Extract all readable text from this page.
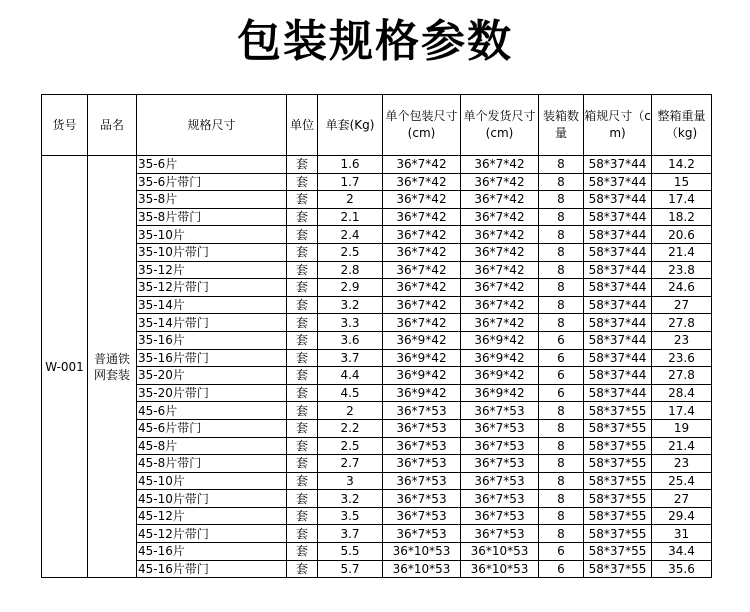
包装规格参数
货号	品名	规格尺寸	单位	单套(Kg)	单个包装尺寸(cm)	单个发货尺寸(cm)	装箱数量	箱规尺寸（cm)	整箱重量（kg)
W-001	普通铁网套装	35-6片	套	1.6	36*7*42	36*7*42	8	58*37*44	14.2
		35-6片带门	套	1.7	36*7*42	36*7*42	8	58*37*44	15
		35-8片	套	2	36*7*42	36*7*42	8	58*37*44	17.4
		35-8片带门	套	2.1	36*7*42	36*7*42	8	58*37*44	18.2
		35-10片	套	2.4	36*7*42	36*7*42	8	58*37*44	20.6
		35-10片带门	套	2.5	36*7*42	36*7*42	8	58*37*44	21.4
		35-12片	套	2.8	36*7*42	36*7*42	8	58*37*44	23.8
		35-12片带门	套	2.9	36*7*42	36*7*42	8	58*37*44	24.6
		35-14片	套	3.2	36*7*42	36*7*42	8	58*37*44	27
		35-14片带门	套	3.3	36*7*42	36*7*42	8	58*37*44	27.8
		35-16片	套	3.6	36*9*42	36*9*42	6	58*37*44	23
		35-16片带门	套	3.7	36*9*42	36*9*42	6	58*37*44	23.6
		35-20片	套	4.4	36*9*42	36*9*42	6	58*37*44	27.8
		35-20片带门	套	4.5	36*9*42	36*9*42	6	58*37*44	28.4
		45-6片	套	2	36*7*53	36*7*53	8	58*37*55	17.4
		45-6片带门	套	2.2	36*7*53	36*7*53	8	58*37*55	19
		45-8片	套	2.5	36*7*53	36*7*53	8	58*37*55	21.4
		45-8片带门	套	2.7	36*7*53	36*7*53	8	58*37*55	23
		45-10片	套	3	36*7*53	36*7*53	8	58*37*55	25.4
		45-10片带门	套	3.2	36*7*53	36*7*53	8	58*37*55	27
		45-12片	套	3.5	36*7*53	36*7*53	8	58*37*55	29.4
		45-12片带门	套	3.7	36*7*53	36*7*53	8	58*37*55	31
		45-16片	套	5.5	36*10*53	36*10*53	6	58*37*55	34.4
		45-16片带门	套	5.7	36*10*53	36*10*53	6	58*37*55	35.6
